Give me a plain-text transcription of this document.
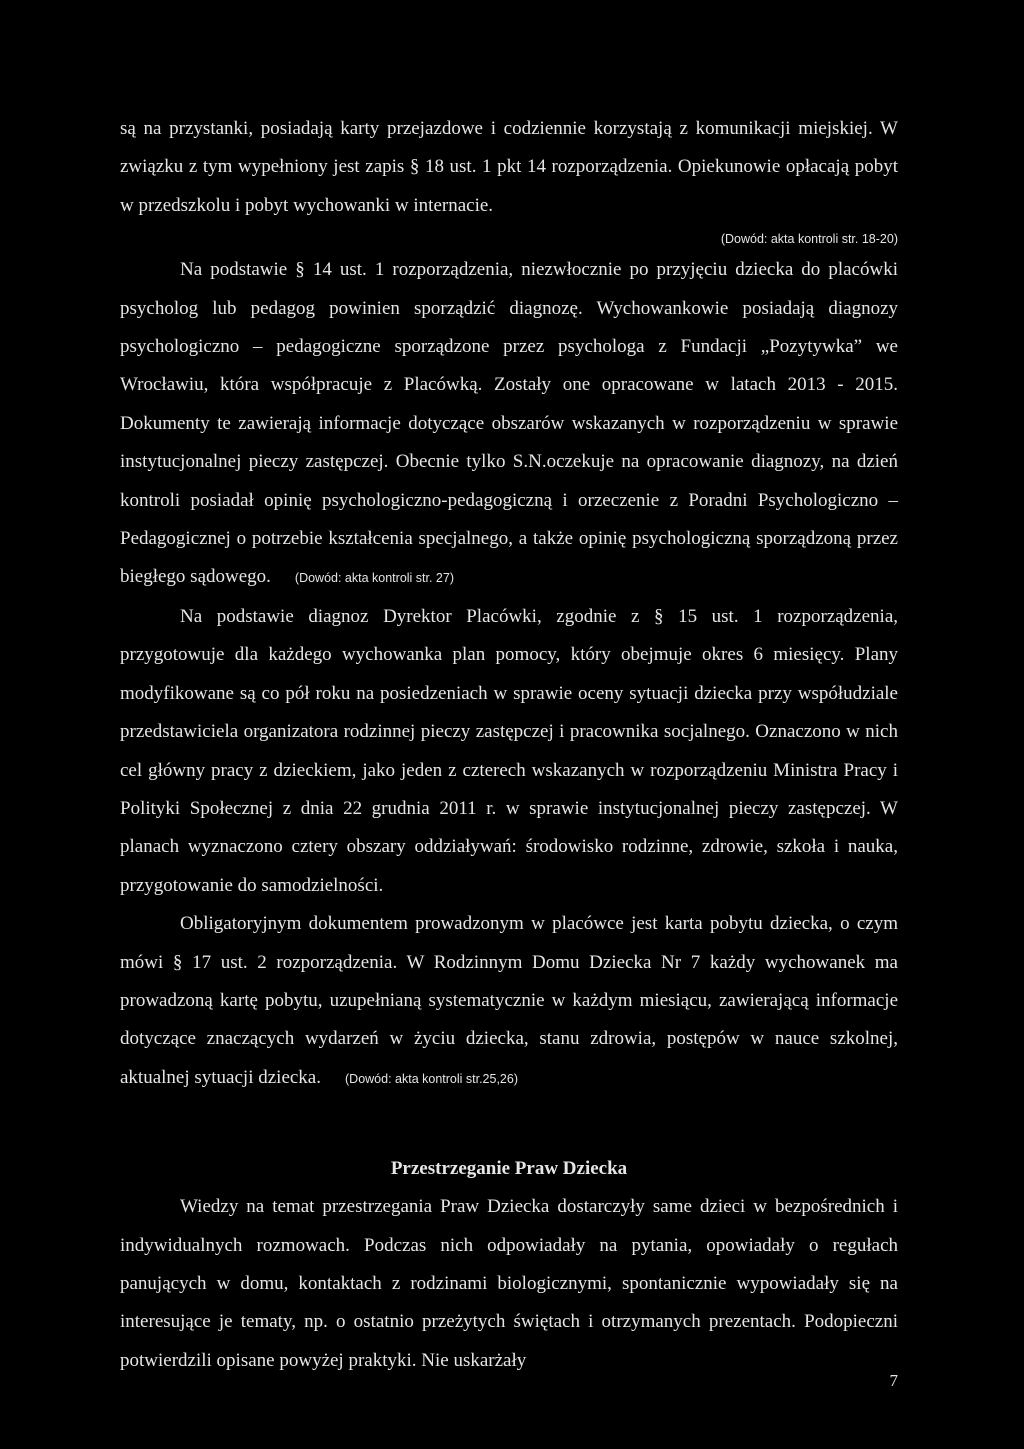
są na przystanki, posiadają karty przejazdowe i codziennie korzystają z komunikacji miejskiej. W związku z tym wypełniony jest zapis § 18 ust. 1 pkt 14 rozporządzenia. Opiekunowie opłacają pobyt w przedszkolu i pobyt wychowanki w internacie.

(Dowód: akta kontroli str. 18-20)

Na podstawie § 14 ust. 1 rozporządzenia, niezwłocznie po przyjęciu dziecka do placówki psycholog lub pedagog powinien sporządzić diagnozę. Wychowankowie posiadają diagnozy psychologiczno – pedagogiczne sporządzone przez psychologa z Fundacji „Pozytywka” we Wrocławiu, która współpracuje z Placówką. Zostały one opracowane w latach 2013 - 2015. Dokumenty te zawierają informacje dotyczące obszarów wskazanych w rozporządzeniu w sprawie instytucjonalnej pieczy zastępczej. Obecnie tylko S.N.oczekuje na opracowanie diagnozy, na dzień kontroli posiadał opinię psychologiczno-pedagogiczną i orzeczenie z Poradni Psychologiczno – Pedagogicznej o potrzebie kształcenia specjalnego, a także opinię psychologiczną sporządzoną przez biegłego sądowego. (Dowód: akta kontroli str. 27)

Na podstawie diagnoz Dyrektor Placówki, zgodnie z § 15 ust. 1 rozporządzenia, przygotowuje dla każdego wychowanka plan pomocy, który obejmuje okres 6 miesięcy. Plany modyfikowane są co pół roku na posiedzeniach w sprawie oceny sytuacji dziecka przy współudziale przedstawiciela organizatora rodzinnej pieczy zastępczej i pracownika socjalnego. Oznaczono w nich cel główny pracy z dzieckiem, jako jeden z czterech wskazanych w rozporządzeniu Ministra Pracy i Polityki Społecznej z dnia 22 grudnia 2011 r. w sprawie instytucjonalnej pieczy zastępczej. W planach wyznaczono cztery obszary oddziaływań: środowisko rodzinne, zdrowie, szkoła i nauka, przygotowanie do samodzielności.

Obligatoryjnym dokumentem prowadzonym w placówce jest karta pobytu dziecka, o czym mówi § 17 ust. 2 rozporządzenia. W Rodzinnym Domu Dziecka Nr 7 każdy wychowanek ma prowadzoną kartę pobytu, uzupełnianą systematycznie w każdym miesiącu, zawierającą informacje dotyczące znaczących wydarzeń w życiu dziecka, stanu zdrowia, postępów w nauce szkolnej, aktualnej sytuacji dziecka. (Dowód: akta kontroli str.25,26)

Przestrzeganie Praw Dziecka

Wiedzy na temat przestrzegania Praw Dziecka dostarczyły same dzieci w bezpośrednich i indywidualnych rozmowach. Podczas nich odpowiadały na pytania, opowiadały o regułach panujących w domu, kontaktach z rodzinami biologicznymi, spontanicznie wypowiadały się na interesujące je tematy, np. o ostatnio przeżytych świętach i otrzymanych prezentach. Podopieczni potwierdzili opisane powyżej praktyki. Nie uskarżały

7
